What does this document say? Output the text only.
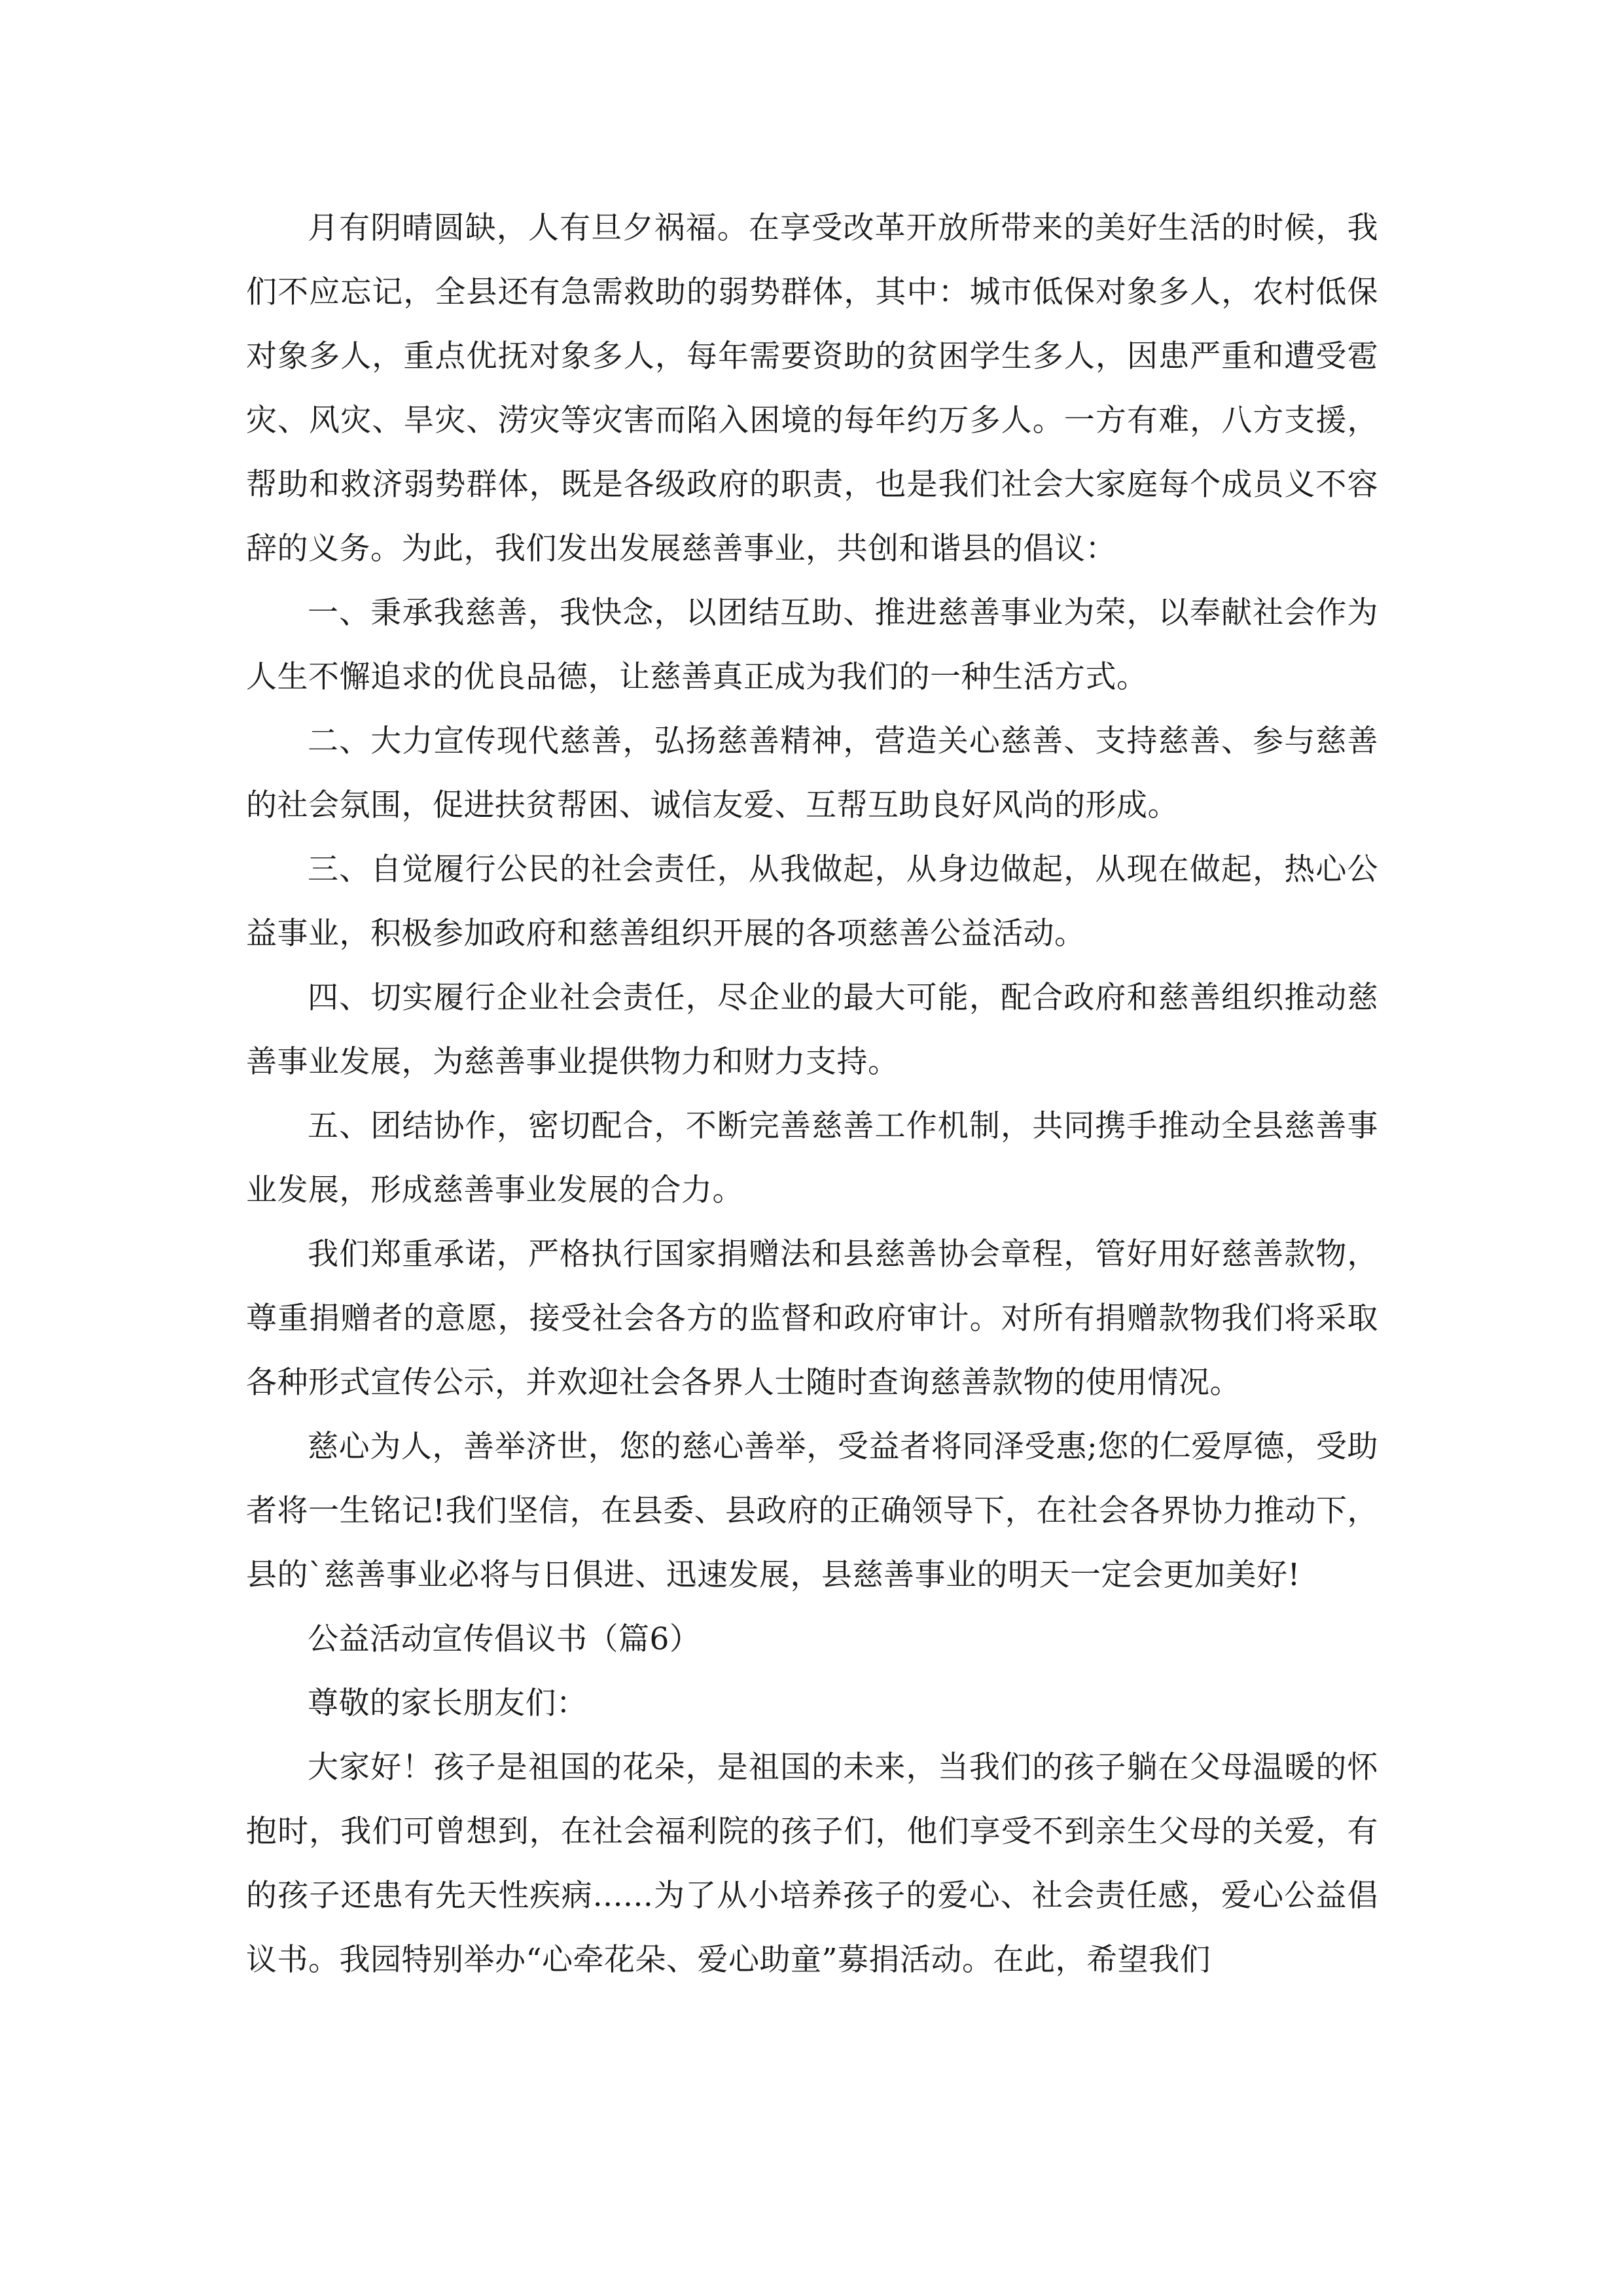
月有阴晴圆缺，人有旦夕祸福。在享受改革开放所带来的美好生活的时候，我们不应忘记，全县还有急需救助的弱势群体，其中：城市低保对象多人，农村低保对象多人，重点优抚对象多人，每年需要资助的贫困学生多人，因患严重和遭受雹灾、风灾、旱灾、涝灾等灾害而陷入困境的每年约万多人。一方有难，八方支援，帮助和救济弱势群体，既是各级政府的职责，也是我们社会大家庭每个成员义不容辞的义务。为此，我们发出发展慈善事业，共创和谐县的倡议：

一、秉承我慈善，我快念，以团结互助、推进慈善事业为荣，以奉献社会作为人生不懈追求的优良品德，让慈善真正成为我们的一种生活方式。

二、大力宣传现代慈善，弘扬慈善精神，营造关心慈善、支持慈善、参与慈善的社会氛围，促进扶贫帮困、诚信友爱、互帮互助良好风尚的形成。

三、自觉履行公民的社会责任，从我做起，从身边做起，从现在做起，热心公益事业，积极参加政府和慈善组织开展的各项慈善公益活动。

四、切实履行企业社会责任，尽企业的最大可能，配合政府和慈善组织推动慈善事业发展，为慈善事业提供物力和财力支持。

五、团结协作，密切配合，不断完善慈善工作机制，共同携手推动全县慈善事业发展，形成慈善事业发展的合力。

我们郑重承诺，严格执行国家捐赠法和县慈善协会章程，管好用好慈善款物，尊重捐赠者的意愿，接受社会各方的监督和政府审计。对所有捐赠款物我们将采取各种形式宣传公示，并欢迎社会各界人士随时查询慈善款物的使用情况。

慈心为人，善举济世，您的慈心善举，受益者将同泽受惠;您的仁爱厚德，受助者将一生铭记!我们坚信，在县委、县政府的正确领导下，在社会各界协力推动下，县的`慈善事业必将与日俱进、迅速发展，县慈善事业的明天一定会更加美好!

公益活动宣传倡议书（篇6）

尊敬的家长朋友们：

大家好！孩子是祖国的花朵，是祖国的未来，当我们的孩子躺在父母温暖的怀抱时，我们可曾想到，在社会福利院的孩子们，他们享受不到亲生父母的关爱，有的孩子还患有先天性疾病......为了从小培养孩子的爱心、社会责任感，爱心公益倡议书。我园特别举办“心牵花朵、爱心助童”募捐活动。在此，希望我们
